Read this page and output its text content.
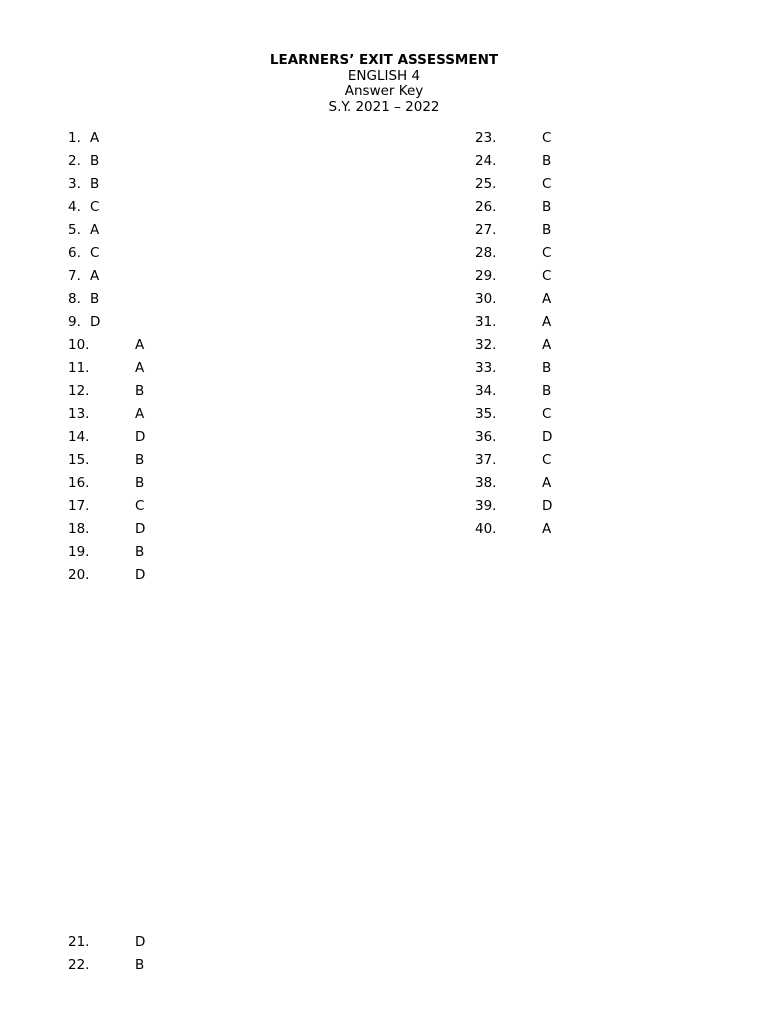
LEARNERS’ EXIT ASSESSMENT
ENGLISH 4
Answer Key
S.Y. 2021 – 2022
1. A
2. B
3. B
4. C
5. A
6. C
7. A
8. B
9. D
10.	A
11.	A
12.	B
13.	A
14.	D
15.	B
16.	B
17.	C
18.	D
19.	B
20.	D
21.	D
22.	B
23.	C
24.	B
25.	C
26.	B
27.	B
28.	C
29.	C
30.	A
31.	A
32.	A
33.	B
34.	B
35.	C
36.	D
37.	C
38.	A
39.	D
40.	A
